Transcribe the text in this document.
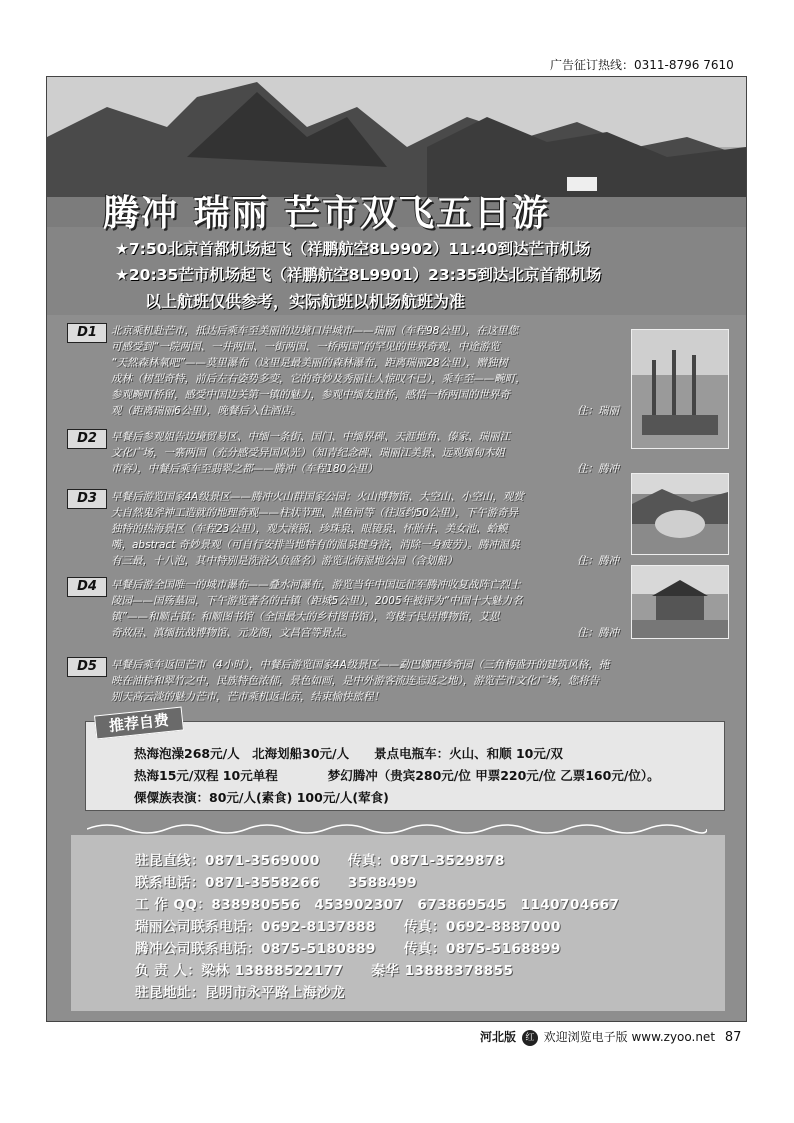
广告征订热线：0311-8796 7610
腾冲 瑞丽 芒市双飞五日游
★7:50北京首都机场起飞（祥鹏航空8L9902）11:40到达芒市机场
★20:35芒市机场起飞（祥鹏航空8L9901）23:35到达北京首都机场
以上航班仅供参考，实际航班以机场航班为准
D1	北京乘机赴芒市，抵达后乘车至美丽的边境口岸城市——瑞丽（车程98公里），在这里您
可感受到“一院两国、一井两国、一街两国、一桥两国”的罕见的世界奇观，中途游览
“天然森林氧吧”——莫里瀑布（这里是最美丽的森林瀑布，距离瑞丽28公里），赠独树
成林（树型奇特，前后左右姿势多变，它的奇妙及秀丽让人惊叹不已），乘车至——畹町，
参观畹町桥留，感受中国边关第一镇的魅力，参观中缅友谊桥，感悟一桥两国的世界奇
观（距离瑞丽6公里），晚餐后入住酒店。	住：瑞丽
D2	早餐后参观姐告边境贸易区、中缅一条街、国门、中缅界碑、天涯地角、傣家、瑞丽江
文化广场，一寨两国（充分感受异国风光）（知青纪念碑、瑞丽江美景、远观缅甸木姐
市容），中餐后乘车至翡翠之都——腾冲（车程180公里）	住：腾冲
D3	早餐后游览国家4A级景区——腾冲火山群国家公园：火山博物馆、大空山、小空山，观赏
大自然鬼斧神工造就的地理奇观——柱状节理、黑鱼河等（往返约50公里），下午游奇异
独特的热海景区（车程23公里），观大滚锅、珍珠泉、眼镜泉、怀胎井、美女池、蛤蟆
嘴，abstract 奇妙景观（可自行安排当地特有的温泉健身浴，消除一身疲劳）。腾冲温泉
有三最，十八泡，其中特别是洗浴久负盛名）游览北海湿地公园（含划船）	住：腾冲
D4	早餐后游全国唯一的城市瀑布——叠水河瀑布，游览当年中国远征军腾冲收复战阵亡烈士
陵园——国殇墓园，下午游览著名的古镇（距城5公里），2005年被评为“中国十大魅力名
镇”——和顺古镇：和顺图书馆（全国最大的乡村图书馆），弯楼子民居博物馆，艾思
奇故居、滇缅抗战博物馆、元龙阁，文昌宫等景点。	住：腾冲
D5	早餐后乘车返回芒市（4小时），中餐后游览国家4A级景区——勐巴娜西珍奇园（三角梅盛开的建筑风格，掩
映在油棕和翠竹之中，民族特色浓郁，景色如画，是中外游客流连忘返之地），游览芒市文化广场，您将告
别天高云淡的魅力芒市，芒市乘机返北京，结束愉快旅程！
热海泡澡268元/人　北海划船30元/人　　景点电瓶车：火山、和顺 10元/双
热海15元/双程 10元单程　　　　梦幻腾冲（贵宾280元/位 甲票220元/位 乙票160元/位）。
傈僳族表演：80元/人(素食) 100元/人(荤食)
推荐自费
驻昆直线：0871-3569000　　传真：0871-3529878
联系电话：0871-3558266　　3588499
工 作 QQ：838980556　453902307　673869545　1140704667
瑞丽公司联系电话：0692-8137888　　传真：0692-8887000
腾冲公司联系电话：0875-5180889　　传真：0875-5168899
负 责 人：梁林 13888522177　　秦华 13888378855
驻昆地址：昆明市永平路上海沙龙
河北版 红 欢迎浏览电子版 www.zyoo.net 87
